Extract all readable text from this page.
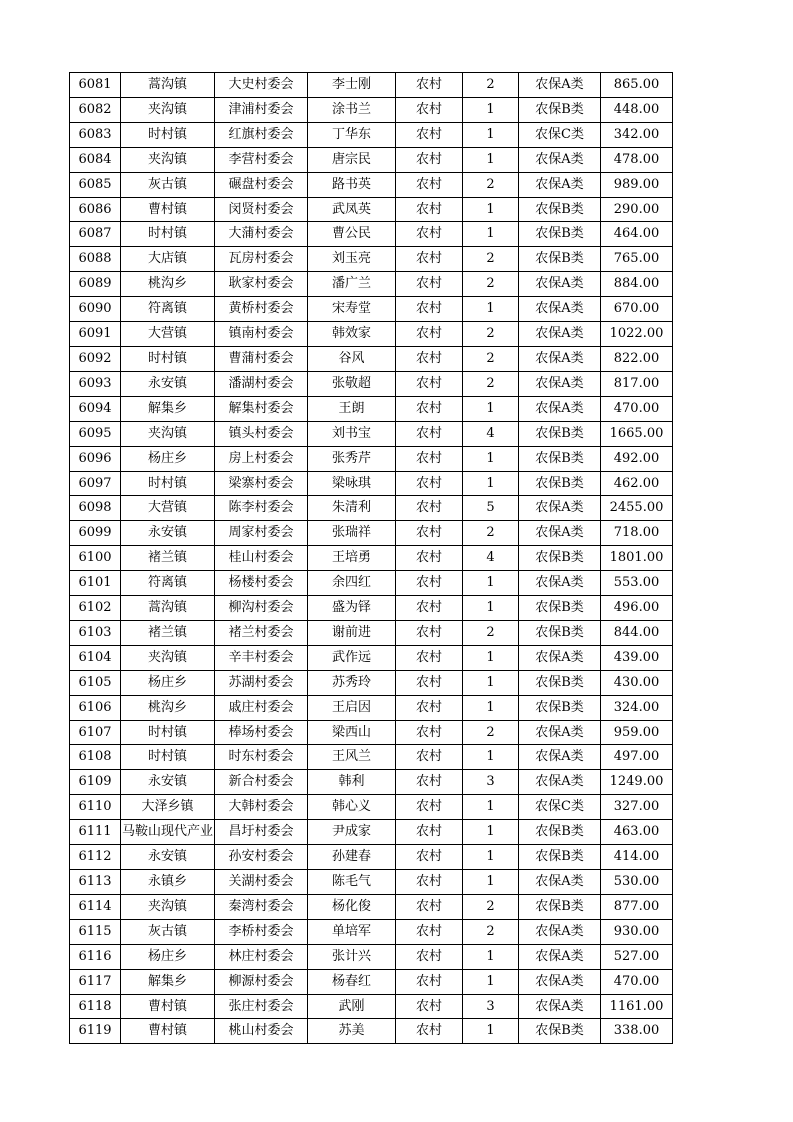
6081	蒿沟镇	大史村委会	李士刚	农村	2	农保A类	865.00
6082	夹沟镇	津浦村委会	涂书兰	农村	1	农保B类	448.00
6083	时村镇	红旗村委会	丁华东	农村	1	农保C类	342.00
6084	夹沟镇	李营村委会	唐宗民	农村	1	农保A类	478.00
6085	灰古镇	碾盘村委会	路书英	农村	2	农保A类	989.00
6086	曹村镇	闵贤村委会	武凤英	农村	1	农保B类	290.00
6087	时村镇	大蒲村委会	曹公民	农村	1	农保B类	464.00
6088	大店镇	瓦房村委会	刘玉亮	农村	2	农保B类	765.00
6089	桃沟乡	耿家村委会	潘广兰	农村	2	农保A类	884.00
6090	符离镇	黄桥村委会	宋寿堂	农村	1	农保A类	670.00
6091	大营镇	镇南村委会	韩效家	农村	2	农保A类	1022.00
6092	时村镇	曹蒲村委会	谷风	农村	2	农保A类	822.00
6093	永安镇	潘湖村委会	张敬超	农村	2	农保A类	817.00
6094	解集乡	解集村委会	王朗	农村	1	农保A类	470.00
6095	夹沟镇	镇头村委会	刘书宝	农村	4	农保B类	1665.00
6096	杨庄乡	房上村委会	张秀芹	农村	1	农保B类	492.00
6097	时村镇	梁寨村委会	梁咏琪	农村	1	农保B类	462.00
6098	大营镇	陈李村委会	朱清利	农村	5	农保A类	2455.00
6099	永安镇	周家村委会	张瑞祥	农村	2	农保A类	718.00
6100	褚兰镇	桂山村委会	王培勇	农村	4	农保B类	1801.00
6101	符离镇	杨楼村委会	余四红	农村	1	农保A类	553.00
6102	蒿沟镇	柳沟村委会	盛为铎	农村	1	农保B类	496.00
6103	褚兰镇	褚兰村委会	谢前进	农村	2	农保B类	844.00
6104	夹沟镇	辛丰村委会	武作远	农村	1	农保A类	439.00
6105	杨庄乡	苏湖村委会	苏秀玲	农村	1	农保B类	430.00
6106	桃沟乡	戚庄村委会	王启因	农村	1	农保B类	324.00
6107	时村镇	棒场村委会	梁西山	农村	2	农保A类	959.00
6108	时村镇	时东村委会	王风兰	农村	1	农保A类	497.00
6109	永安镇	新合村委会	韩利	农村	3	农保A类	1249.00
6110	大泽乡镇	大韩村委会	韩心义	农村	1	农保C类	327.00
6111	马鞍山现代产业	昌圩村委会	尹成家	农村	1	农保B类	463.00
6112	永安镇	孙安村委会	孙建春	农村	1	农保B类	414.00
6113	永镇乡	关湖村委会	陈毛气	农村	1	农保A类	530.00
6114	夹沟镇	秦湾村委会	杨化俊	农村	2	农保B类	877.00
6115	灰古镇	李桥村委会	单培军	农村	2	农保A类	930.00
6116	杨庄乡	林庄村委会	张计兴	农村	1	农保A类	527.00
6117	解集乡	柳源村委会	杨春红	农村	1	农保A类	470.00
6118	曹村镇	张庄村委会	武刚	农村	3	农保A类	1161.00
6119	曹村镇	桃山村委会	苏美	农村	1	农保B类	338.00
